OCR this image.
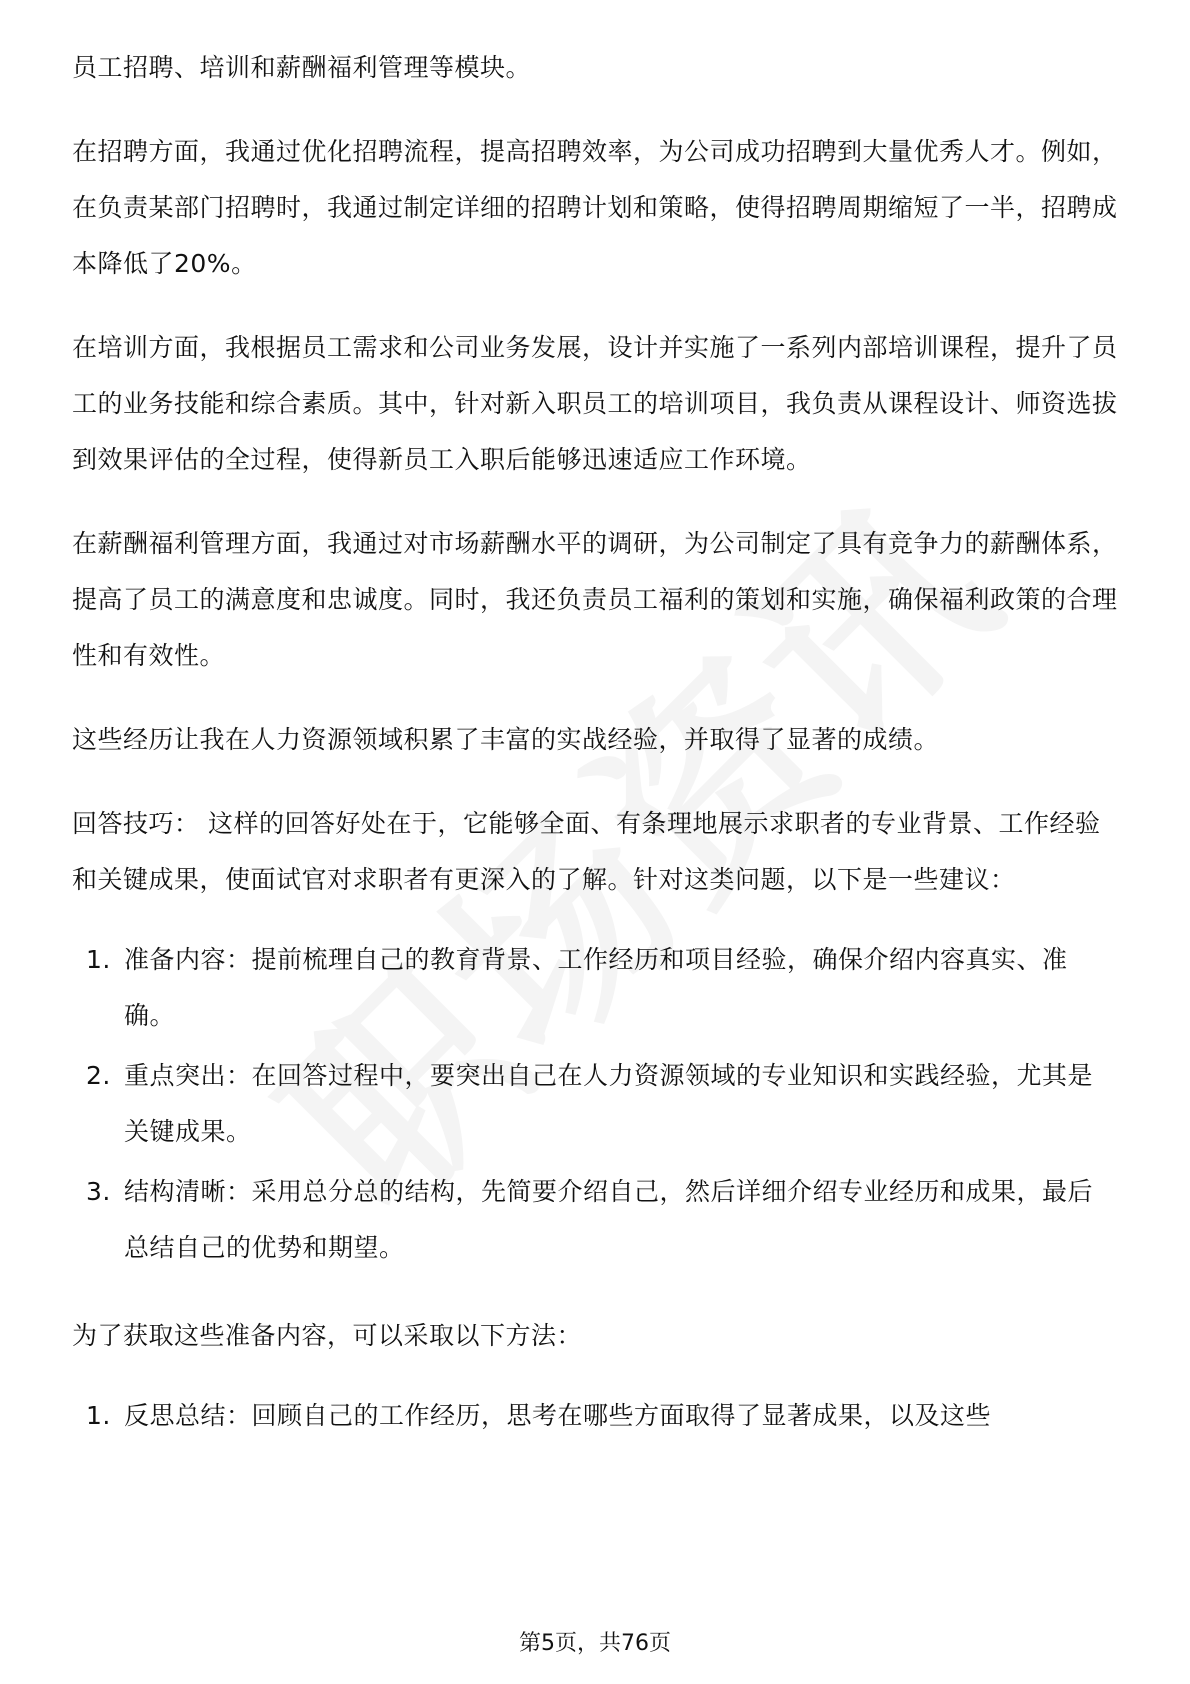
员工招聘、培训和薪酬福利管理等模块。

在招聘方面，我通过优化招聘流程，提高招聘效率，为公司成功招聘到大量优秀人才。例如，在负责某部门招聘时，我通过制定详细的招聘计划和策略，使得招聘周期缩短了一半，招聘成本降低了20%。

在培训方面，我根据员工需求和公司业务发展，设计并实施了一系列内部培训课程，提升了员工的业务技能和综合素质。其中，针对新入职员工的培训项目，我负责从课程设计、师资选拔到效果评估的全过程，使得新员工入职后能够迅速适应工作环境。

在薪酬福利管理方面，我通过对市场薪酬水平的调研，为公司制定了具有竞争力的薪酬体系，提高了员工的满意度和忠诚度。同时，我还负责员工福利的策划和实施，确保福利政策的合理性和有效性。

这些经历让我在人力资源领域积累了丰富的实战经验，并取得了显著的成绩。

回答技巧： 这样的回答好处在于，它能够全面、有条理地展示求职者的专业背景、工作经验和关键成果，使面试官对求职者有更深入的了解。针对这类问题，以下是一些建议：

1. 准备内容：提前梳理自己的教育背景、工作经历和项目经验，确保介绍内容真实、准确。
2. 重点突出：在回答过程中，要突出自己在人力资源领域的专业知识和实践经验，尤其是关键成果。
3. 结构清晰：采用总分总的结构，先简要介绍自己，然后详细介绍专业经历和成果，最后总结自己的优势和期望。

为了获取这些准备内容，可以采取以下方法：

1. 反思总结：回顾自己的工作经历，思考在哪些方面取得了显著成果，以及这些
第5页，共76页
